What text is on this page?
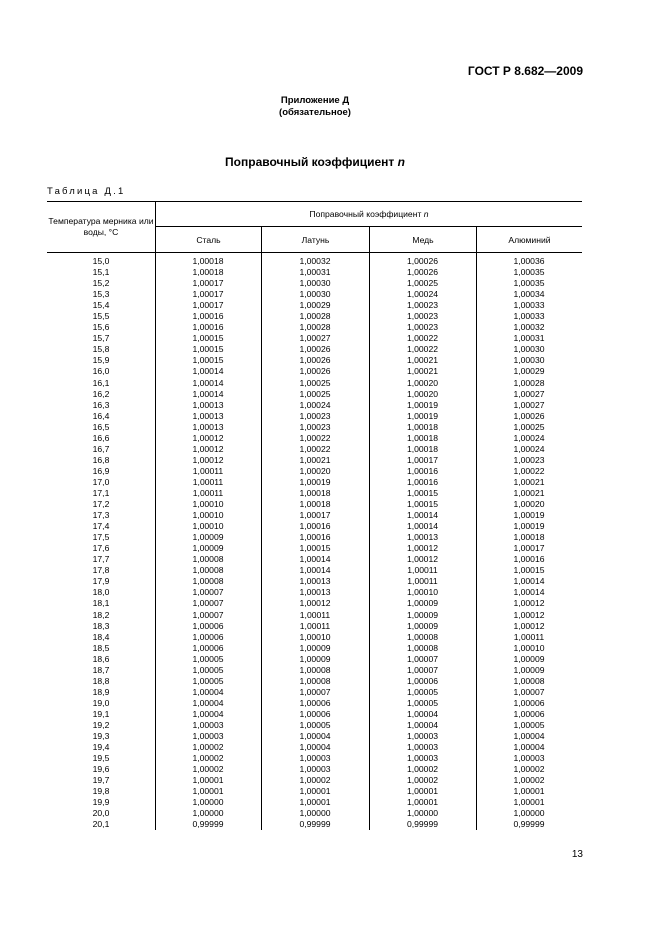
ГОСТ Р 8.682—2009
Приложение Д
(обязательное)
Поправочный коэффициент n
Таблица Д.1
Температура мерника или воды, °С
Поправочный коэффициент
n
Сталь	Латунь	Медь	Алюминий
15,0	1,00018	1,00032	1,00026	1,00036
15,1	1,00018	1,00031	1,00026	1,00035
15,2	1,00017	1,00030	1,00025	1,00035
15,3	1,00017	1,00030	1,00024	1,00034
15,4	1,00017	1,00029	1,00023	1,00033
15,5	1,00016	1,00028	1,00023	1,00033
15,6	1,00016	1,00028	1,00023	1,00032
15,7	1,00015	1,00027	1,00022	1,00031
15,8	1,00015	1,00026	1,00022	1,00030
15,9	1,00015	1,00026	1,00021	1,00030
16,0	1,00014	1,00026	1,00021	1,00029
16,1	1,00014	1,00025	1,00020	1,00028
16,2	1,00014	1,00025	1,00020	1,00027
16,3	1,00013	1,00024	1,00019	1,00027
16,4	1,00013	1,00023	1,00019	1,00026
16,5	1,00013	1,00023	1,00018	1,00025
16,6	1,00012	1,00022	1,00018	1,00024
16,7	1,00012	1,00022	1,00018	1,00024
16,8	1,00012	1,00021	1,00017	1,00023
16,9	1,00011	1,00020	1,00016	1,00022
17,0	1,00011	1,00019	1,00016	1,00021
17,1	1,00011	1,00018	1,00015	1,00021
17,2	1,00010	1,00018	1,00015	1,00020
17,3	1,00010	1,00017	1,00014	1,00019
17,4	1,00010	1,00016	1,00014	1,00019
17,5	1,00009	1,00016	1,00013	1,00018
17,6	1,00009	1,00015	1,00012	1,00017
17,7	1,00008	1,00014	1,00012	1,00016
17,8	1,00008	1,00014	1,00011	1,00015
17,9	1,00008	1,00013	1,00011	1,00014
18,0	1,00007	1,00013	1,00010	1,00014
18,1	1,00007	1,00012	1,00009	1,00012
18,2	1,00007	1,00011	1,00009	1,00012
18,3	1,00006	1,00011	1,00009	1,00012
18,4	1,00006	1,00010	1,00008	1,00011
18,5	1,00006	1,00009	1,00008	1,00010
18,6	1,00005	1,00009	1,00007	1,00009
18,7	1,00005	1,00008	1,00007	1,00009
18,8	1,00005	1,00008	1,00006	1,00008
18,9	1,00004	1,00007	1,00005	1,00007
19,0	1,00004	1,00006	1,00005	1,00006
19,1	1,00004	1,00006	1,00004	1,00006
19,2	1,00003	1,00005	1,00004	1,00005
19,3	1,00003	1,00004	1,00003	1,00004
19,4	1,00002	1,00004	1,00003	1,00004
19,5	1,00002	1,00003	1,00003	1,00003
19,6	1,00002	1,00003	1,00002	1,00002
19,7	1,00001	1,00002	1,00002	1,00002
19,8	1,00001	1,00001	1,00001	1,00001
19,9	1,00000	1,00001	1,00001	1,00001
20,0	1,00000	1,00000	1,00000	1,00000
20,1	0,99999	0,99999	0,99999	0,99999
13
